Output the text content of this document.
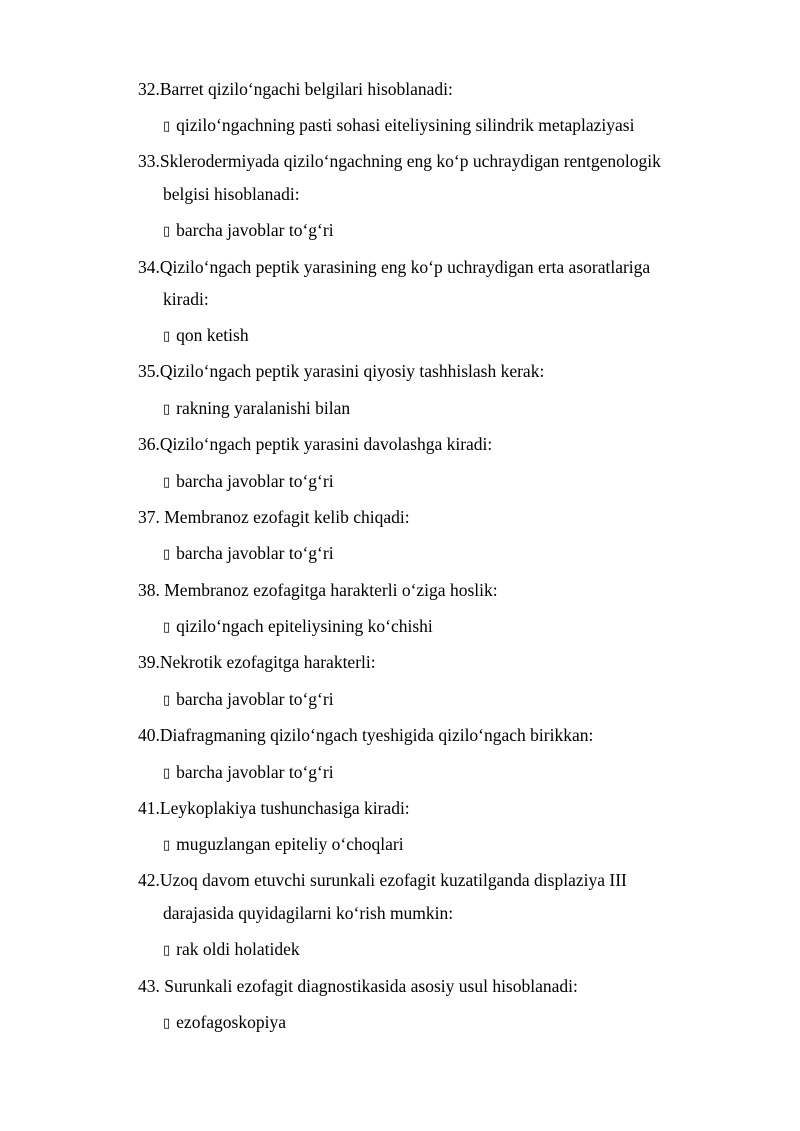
32.Barret qizilo‘ngachi belgilari hisoblanadi:
▯ qizilo‘ngachning pasti sohasi eiteliysining silindrik metaplaziyasi
33.Sklerodermiyada qizilo‘ngachning eng ko‘p uchraydigan rentgenologik
belgisi hisoblanadi:
▯ barcha javoblar to‘g‘ri
34.Qizilo‘ngach peptik yarasining eng ko‘p uchraydigan erta asoratlariga
kiradi:
▯ qon ketish
35.Qizilo‘ngach peptik yarasini qiyosiy tashhislash kerak:
▯ rakning yaralanishi bilan
36.Qizilo‘ngach peptik yarasini davolashga kiradi:
▯ barcha javoblar to‘g‘ri
37. Membranoz ezofagit kelib chiqadi:
▯ barcha javoblar to‘g‘ri
38. Membranoz ezofagitga harakterli o‘ziga hoslik:
▯ qizilo‘ngach epiteliysining ko‘chishi
39.Nekrotik ezofagitga harakterli:
▯ barcha javoblar to‘g‘ri
40.Diafragmaning qizilo‘ngach tyeshigida qizilo‘ngach birikkan:
▯ barcha javoblar to‘g‘ri
41.Leykoplakiya tushunchasiga kiradi:
▯ muguzlangan epiteliy o‘choqlari
42.Uzoq davom etuvchi surunkali ezofagit kuzatilganda displaziya III
darajasida quyidagilarni ko‘rish mumkin:
▯ rak oldi holatidek
43. Surunkali ezofagit diagnostikasida asosiy usul hisoblanadi:
▯ ezofagoskopiya
